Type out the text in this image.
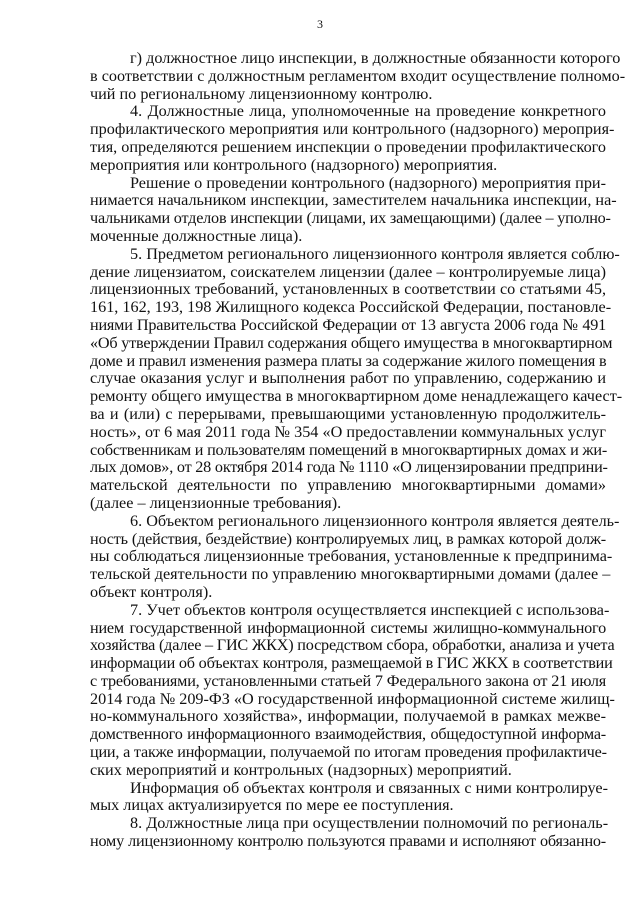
3
г) должностное лицо инспекции, в должностные обязанности которого
в соответствии с должностным регламентом входит осуществление полномо-
чий по региональному лицензионному контролю.
4. Должностные лица, уполномоченные на проведение конкретного
профилактического мероприятия или контрольного (надзорного) мероприя-
тия, определяются решением инспекции о проведении профилактического
мероприятия или контрольного (надзорного) мероприятия.
Решение о проведении контрольного (надзорного) мероприятия при-
нимается начальником инспекции, заместителем начальника инспекции, на-
чальниками отделов инспекции (лицами, их замещающими) (далее – уполно-
моченные должностные лица).
5. Предметом регионального лицензионного контроля является соблю-
дение лицензиатом, соискателем лицензии (далее – контролируемые лица)
лицензионных требований, установленных в соответствии со статьями 45,
161, 162, 193, 198 Жилищного кодекса Российской Федерации, постановле-
ниями Правительства Российской Федерации от 13 августа 2006 года № 491
«Об утверждении Правил содержания общего имущества в многоквартирном
доме и правил изменения размера платы за содержание жилого помещения в
случае оказания услуг и выполнения работ по управлению, содержанию и
ремонту общего имущества в многоквартирном доме ненадлежащего качест-
ва и (или) с перерывами, превышающими установленную продолжитель-
ность», от 6 мая 2011 года № 354 «О предоставлении коммунальных услуг
собственникам и пользователям помещений в многоквартирных домах и жи-
лых домов», от 28 октября 2014 года № 1110 «О лицензировании предприни-
мательской деятельности по управлению многоквартирными домами»
(далее – лицензионные требования).
6. Объектом регионального лицензионного контроля является деятель-
ность (действия, бездействие) контролируемых лиц, в рамках которой долж-
ны соблюдаться лицензионные требования, установленные к предпринима-
тельской деятельности по управлению многоквартирными домами (далее –
объект контроля).
7. Учет объектов контроля осуществляется инспекцией с использова-
нием государственной информационной системы жилищно-коммунального
хозяйства (далее – ГИС ЖКХ) посредством сбора, обработки, анализа и учета
информации об объектах контроля, размещаемой в ГИС ЖКХ в соответствии
с требованиями, установленными статьей 7 Федерального закона от 21 июля
2014 года № 209-ФЗ «О государственной информационной системе жилищ-
но-коммунального хозяйства», информации, получаемой в рамках межве-
домственного информационного взаимодействия, общедоступной информа-
ции, а также информации, получаемой по итогам проведения профилактиче-
ских мероприятий и контрольных (надзорных) мероприятий.
Информация об объектах контроля и связанных с ними контролируе-
мых лицах актуализируется по мере ее поступления.
8. Должностные лица при осуществлении полномочий по региональ-
ному лицензионному контролю пользуются правами и исполняют обязанно-
